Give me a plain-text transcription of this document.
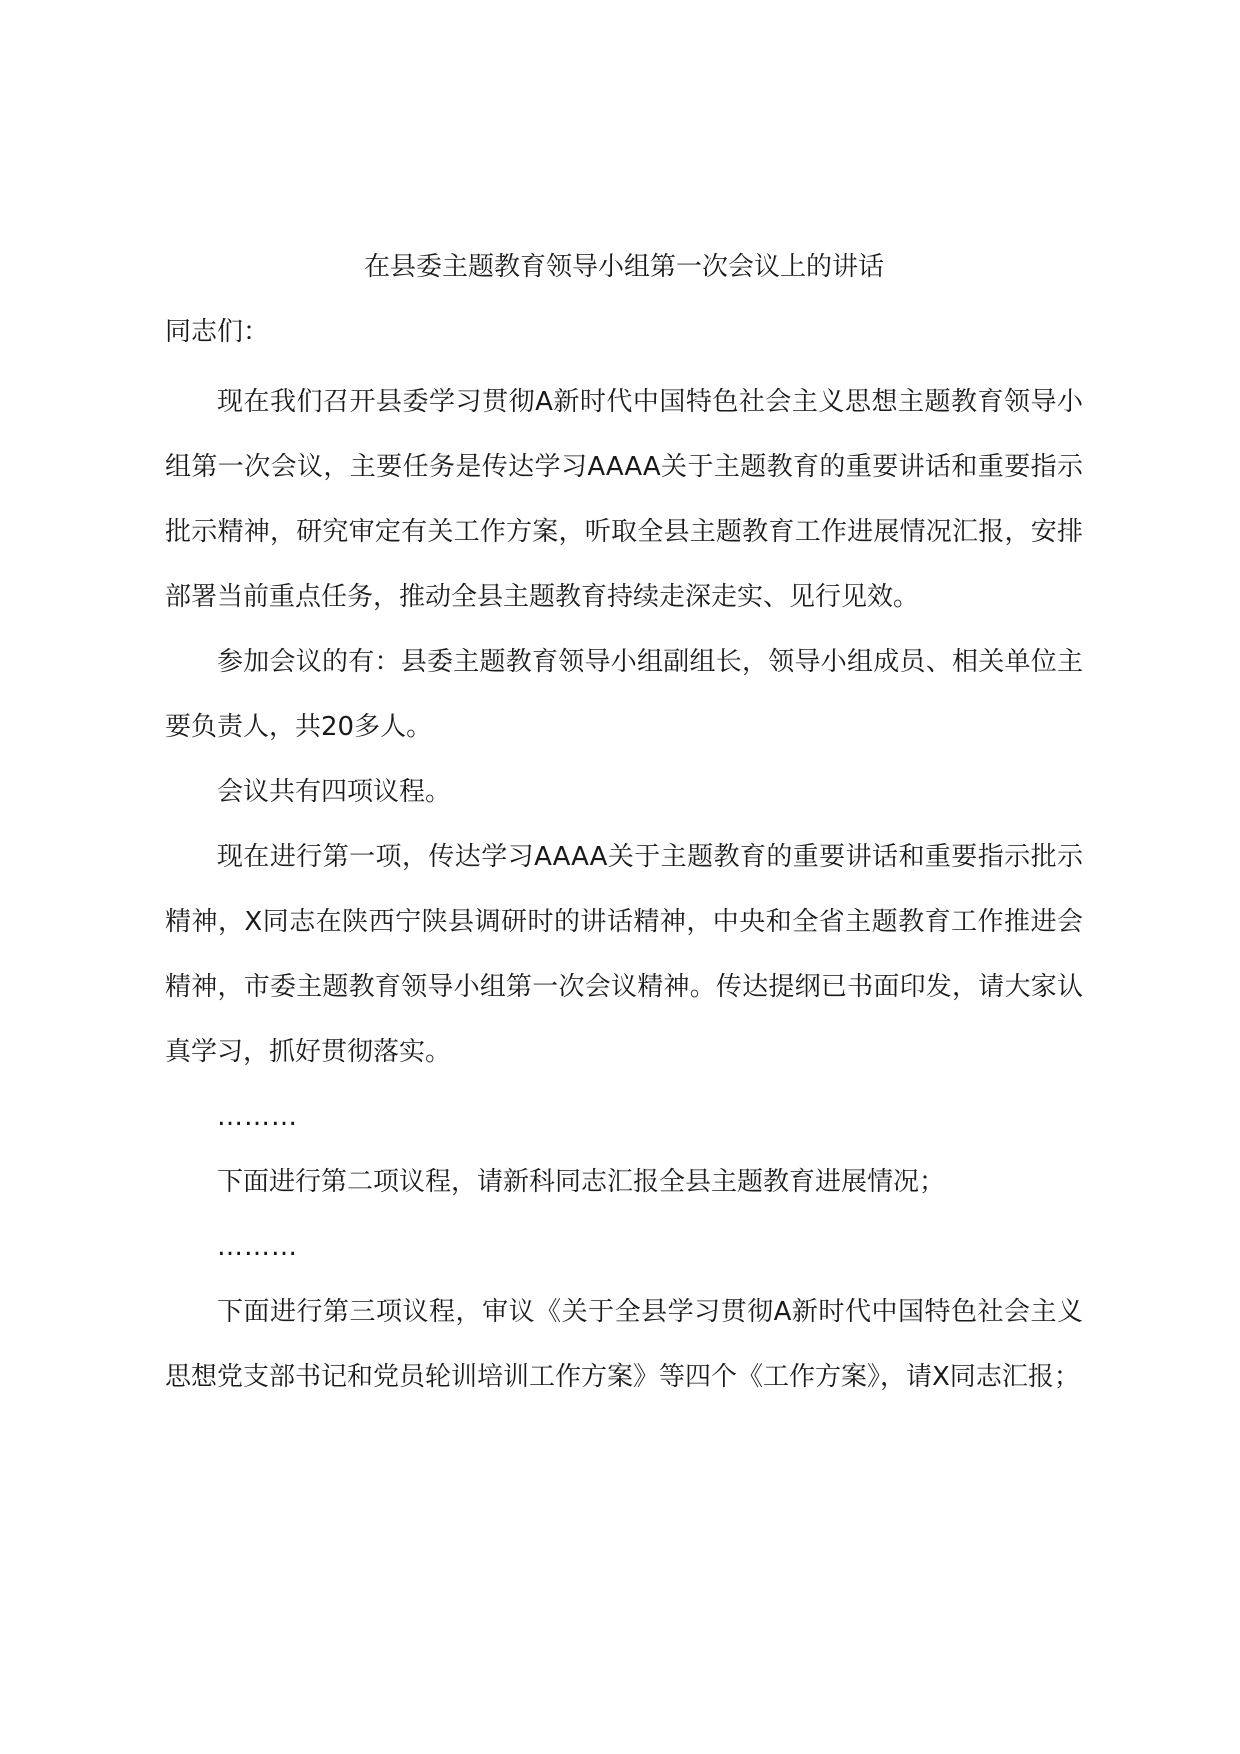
在县委主题教育领导小组第一次会议上的讲话

同志们：

现在我们召开县委学习贯彻A新时代中国特色社会主义思想主题教育领导小组第一次会议，主要任务是传达学习AAAA关于主题教育的重要讲话和重要指示批示精神，研究审定有关工作方案，听取全县主题教育工作进展情况汇报，安排部署当前重点任务，推动全县主题教育持续走深走实、见行见效。

参加会议的有：县委主题教育领导小组副组长，领导小组成员、相关单位主要负责人，共20多人。

会议共有四项议程。

现在进行第一项，传达学习AAAA关于主题教育的重要讲话和重要指示批示精神，X同志在陕西宁陕县调研时的讲话精神，中央和全省主题教育工作推进会精神，市委主题教育领导小组第一次会议精神。传达提纲已书面印发，请大家认真学习，抓好贯彻落实。

………

下面进行第二项议程，请新科同志汇报全县主题教育进展情况；

………

下面进行第三项议程，审议《关于全县学习贯彻A新时代中国特色社会主义思想党支部书记和党员轮训培训工作方案》等四个《工作方案》，请X同志汇报；
